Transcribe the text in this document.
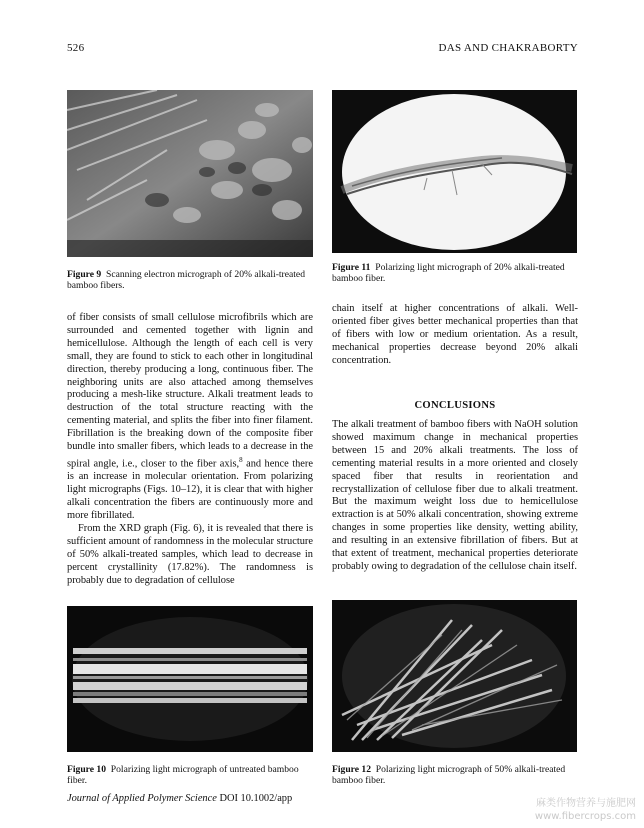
526	DAS AND CHAKRABORTY
Figure 9 Scanning electron micrograph of 20% alkali-treated bamboo fibers.
Figure 11 Polarizing light micrograph of 20% alkali-treated bamboo fiber.

of fiber consists of small cellulose microfibrils which are surrounded and cemented together with lignin and hemicellulose. Although the length of each cell is very small, they are found to stick to each other in longitudinal direction, thereby producing a long, continuous fiber. The neighboring units are also attached among themselves producing a mesh-like structure. Alkali treatment leads to destruction of the total structure reacting with the cementing material, and splits the fiber into finer filament. Fibrillation is the breaking down of the composite fiber bundle into smaller fibers, which leads to a decrease in the spiral angle, i.e., closer to the fiber axis,$^8$ and hence there is an increase in molecular orientation. From polarizing light micrographs (Figs. 10–12), it is clear that with higher alkali concentration the fibers are continuously more and more fibrillated.

From the XRD graph (Fig. 6), it is revealed that there is sufficient amount of randomness in the molecular structure of 50% alkali-treated samples, which lead to decrease in percent crystallinity (17.82%). The randomness is probably due to degradation of cellulose

chain itself at higher concentrations of alkali. Well-oriented fiber gives better mechanical properties than that of fibers with low or medium orientation. As a result, mechanical properties decrease beyond 20% alkali concentration.

CONCLUSIONS

The alkali treatment of bamboo fibers with NaOH solution showed maximum change in mechanical properties between 15 and 20% alkali treatments. The loss of cementing material results in a more oriented and closely spaced fiber that results in reorientation and recrystallization of cellulose fiber due to alkali treatment. But the maximum weight loss due to hemicellulose extraction is at 50% alkali concentration, showing extreme changes in some properties like density, wetting ability, and resulting in an extensive fibrillation of fibers. But at that extent of treatment, mechanical properties deteriorate probably owing to degradation of the cellulose chain itself.

Figure 10 Polarizing light micrograph of untreated bamboo fiber.
Figure 12 Polarizing light micrograph of 50% alkali-treated bamboo fiber.
Journal of Applied Polymer Science DOI 10.1002/app	麻类作物营养与施肥网
www.fibercrops.com
